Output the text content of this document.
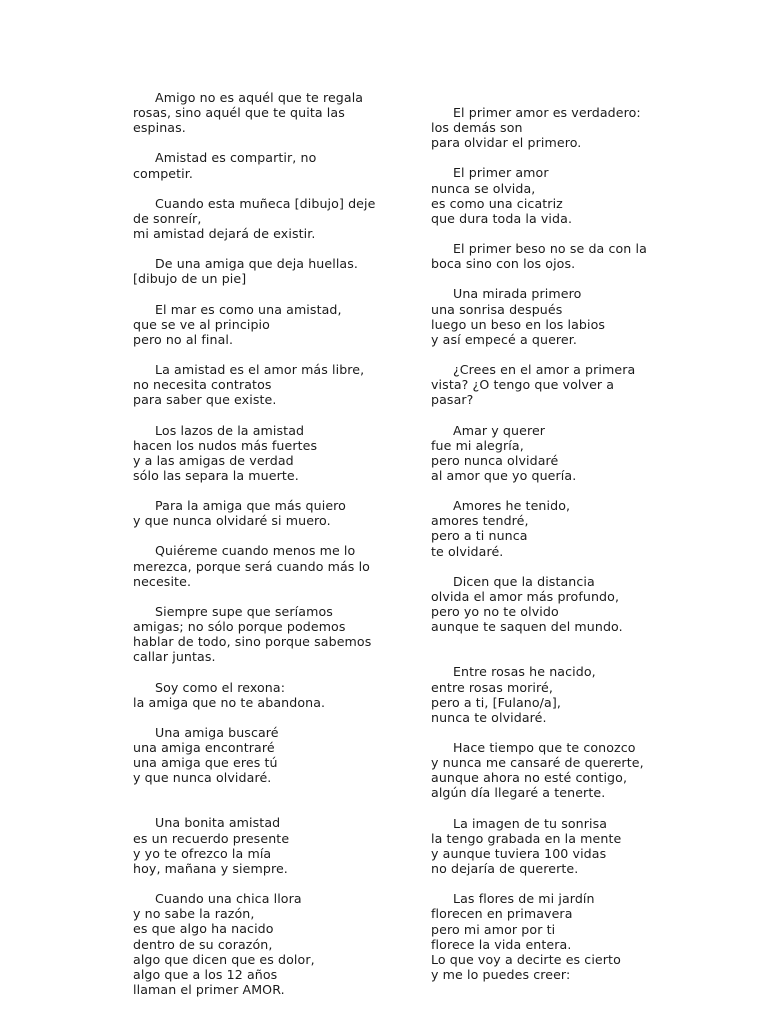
Amigo no es aquél que te regala
rosas, sino aquél que te quita las
espinas.
Amistad es compartir, no
competir.
Cuando esta muñeca [dibujo] deje
de sonreír,
mi amistad dejará de existir.
De una amiga que deja huellas.
[dibujo de un pie]
El mar es como una amistad,
que se ve al principio
pero no al final.
La amistad es el amor más libre,
no necesita contratos
para saber que existe.
Los lazos de la amistad
hacen los nudos más fuertes
y a las amigas de verdad
sólo las separa la muerte.
Para la amiga que más quiero
y que nunca olvidaré si muero.
Quiéreme cuando menos me lo
merezca, porque será cuando más lo
necesite.
Siempre supe que seríamos
amigas; no sólo porque podemos
hablar de todo, sino porque sabemos
callar juntas.
Soy como el rexona:
la amiga que no te abandona.
Una amiga buscaré
una amiga encontraré
una amiga que eres tú
y que nunca olvidaré.
Una bonita amistad
es un recuerdo presente
y yo te ofrezco la mía
hoy, mañana y siempre.
Cuando una chica llora
y no sabe la razón,
es que algo ha nacido
dentro de su corazón,
algo que dicen que es dolor,
algo que a los 12 años
llaman el primer AMOR.
El primer amor es verdadero:
los demás son
para olvidar el primero.
El primer amor
nunca se olvida,
es como una cicatriz
que dura toda la vida.
El primer beso no se da con la
boca sino con los ojos.
Una mirada primero
una sonrisa después
luego un beso en los labios
y así empecé a querer.
¿Crees en el amor a primera
vista? ¿O tengo que volver a
pasar?
Amar y querer
fue mi alegría,
pero nunca olvidaré
al amor que yo quería.
Amores he tenido,
amores tendré,
pero a ti nunca
te olvidaré.
Dicen que la distancia
olvida el amor más profundo,
pero yo no te olvido
aunque te saquen del mundo.
Entre rosas he nacido,
entre rosas moriré,
pero a ti, [Fulano/a],
nunca te olvidaré.
Hace tiempo que te conozco
y nunca me cansaré de quererte,
aunque ahora no esté contigo,
algún día llegaré a tenerte.
La imagen de tu sonrisa
la tengo grabada en la mente
y aunque tuviera 100 vidas
no dejaría de quererte.
Las flores de mi jardín
florecen en primavera
pero mi amor por ti
florece la vida entera.
Lo que voy a decirte es cierto
y me lo puedes creer:
